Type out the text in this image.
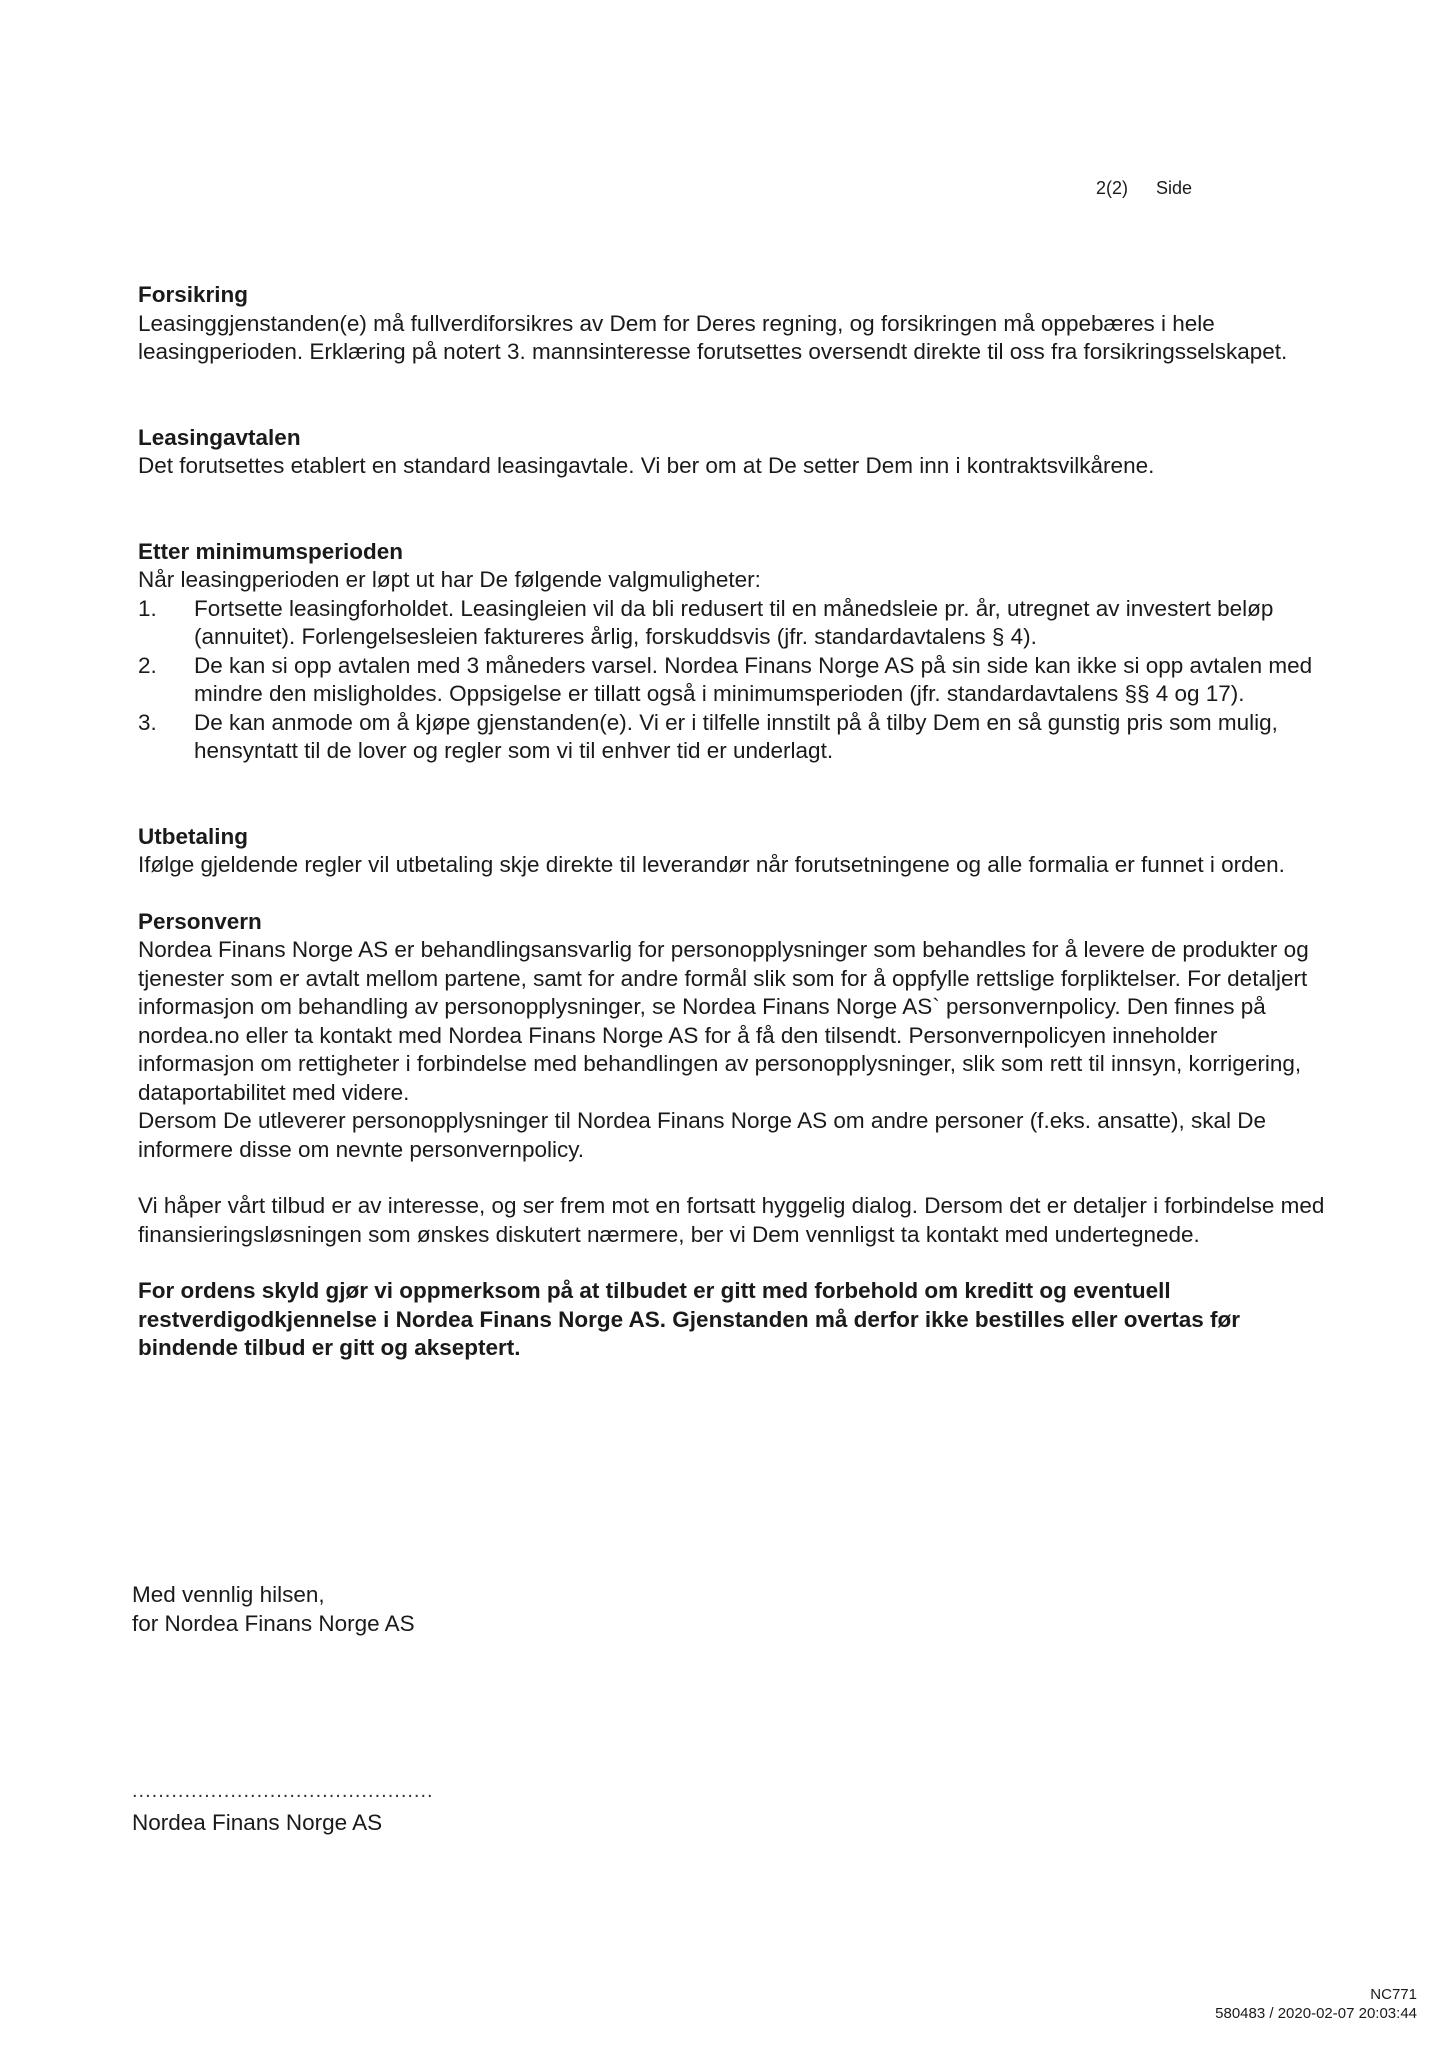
2(2) Side

Forsikring

Leasinggjenstanden(e) må fullverdiforsikres av Dem for Deres regning, og forsikringen må oppebæres i hele leasingperioden. Erklæring på notert 3. mannsinteresse forutsettes oversendt direkte til oss fra forsikringsselskapet.

Leasingavtalen

Det forutsettes etablert en standard leasingavtale. Vi ber om at De setter Dem inn i kontraktsvilkårene.

Etter minimumsperioden

Når leasingperioden er løpt ut har De følgende valgmuligheter:

1.	Fortsette leasingforholdet. Leasingleien vil da bli redusert til en månedsleie pr. år, utregnet av investert beløp (annuitet). Forlengelsesleien faktureres årlig, forskuddsvis (jfr. standardavtalens § 4).
2.	De kan si opp avtalen med 3 måneders varsel. Nordea Finans Norge AS på sin side kan ikke si opp avtalen med mindre den misligholdes. Oppsigelse er tillatt også i minimumsperioden (jfr. standardavtalens §§ 4 og 17).
3.	De kan anmode om å kjøpe gjenstanden(e). Vi er i tilfelle innstilt på å tilby Dem en så gunstig pris som mulig, hensyntatt til de lover og regler som vi til enhver tid er underlagt.

Utbetaling

Ifølge gjeldende regler vil utbetaling skje direkte til leverandør når forutsetningene og alle formalia er funnet i orden.

Personvern

Nordea Finans Norge AS er behandlingsansvarlig for personopplysninger som behandles for å levere de produkter og tjenester som er avtalt mellom partene, samt for andre formål slik som for å oppfylle rettslige forpliktelser. For detaljert informasjon om behandling av personopplysninger, se Nordea Finans Norge AS` personvernpolicy. Den finnes på nordea.no eller ta kontakt med Nordea Finans Norge AS for å få den tilsendt. Personvernpolicyen inneholder informasjon om rettigheter i forbindelse med behandlingen av personopplysninger, slik som rett til innsyn, korrigering, dataportabilitet med videre.

Dersom De utleverer personopplysninger til Nordea Finans Norge AS om andre personer (f.eks. ansatte), skal De informere disse om nevnte personvernpolicy.

Vi håper vårt tilbud er av interesse, og ser frem mot en fortsatt hyggelig dialog. Dersom det er detaljer i forbindelse med finansieringsløsningen som ønskes diskutert nærmere, ber vi Dem vennligst ta kontakt med undertegnede.

For ordens skyld gjør vi oppmerksom på at tilbudet er gitt med forbehold om kreditt og eventuell restverdigodkjennelse i Nordea Finans Norge AS. Gjenstanden må derfor ikke bestilles eller overtas før bindende tilbud er gitt og akseptert.

Med vennlig hilsen,
for Nordea Finans Norge AS
..............................................
Nordea Finans Norge AS
NC771
580483 / 2020-02-07 20:03:44
